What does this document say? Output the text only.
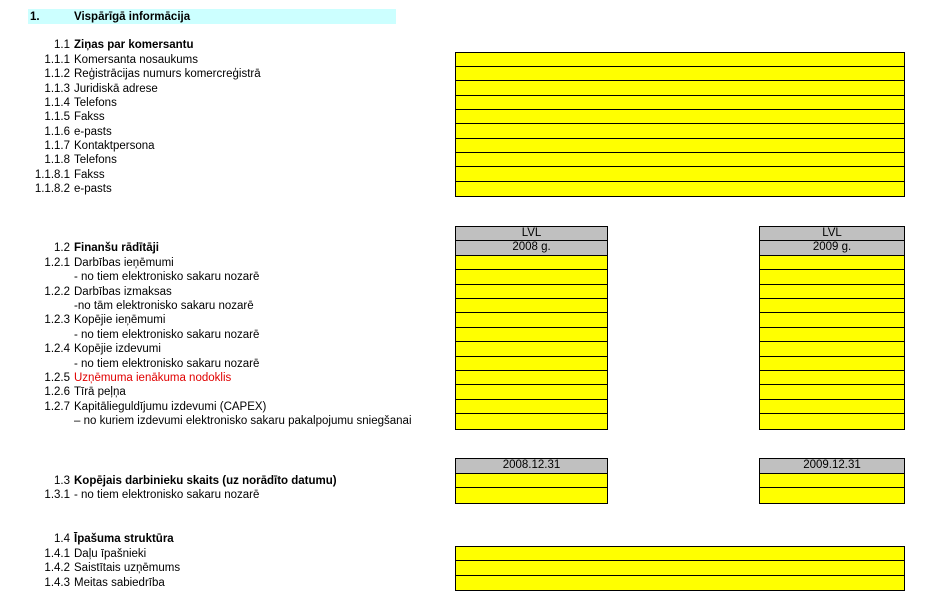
1.	Vispārīgā informācija
1.1 Ziņas par komersantu
1.1.1 Komersanta nosaukums
1.1.2 Reģistrācijas numurs komercreģistrā
1.1.3 Juridiskā adrese
1.1.4 Telefons
1.1.5 Fakss
1.1.6 e-pasts
1.1.7 Kontaktpersona
1.1.8 Telefons
1.1.8.1 Fakss
1.1.8.2 e-pasts
LVL	LVL
2008 g.	2009 g.
1.2 Finanšu rādītāji
1.2.1 Darbības ieņēmumi
- no tiem elektronisko sakaru nozarē
1.2.2 Darbības izmaksas
-no tām elektronisko sakaru nozarē
1.2.3 Kopējie ieņēmumi
- no tiem elektronisko sakaru nozarē
1.2.4 Kopējie izdevumi
- no tiem elektronisko sakaru nozarē
1.2.5 Uzņēmuma ienākuma nodoklis
1.2.6 Tīrā peļņa
1.2.7 Kapitālieguldījumu izdevumi (CAPEX)
– no kuriem izdevumi elektronisko sakaru pakalpojumu sniegšanai
2008.12.31	2009.12.31
1.3 Kopējais darbinieku skaits (uz norādīto datumu)
1.3.1 - no tiem elektronisko sakaru nozarē
1.4 Īpašuma struktūra
1.4.1 Daļu īpašnieki
1.4.2 Saistītais uzņēmums
1.4.3 Meitas sabiedrība
